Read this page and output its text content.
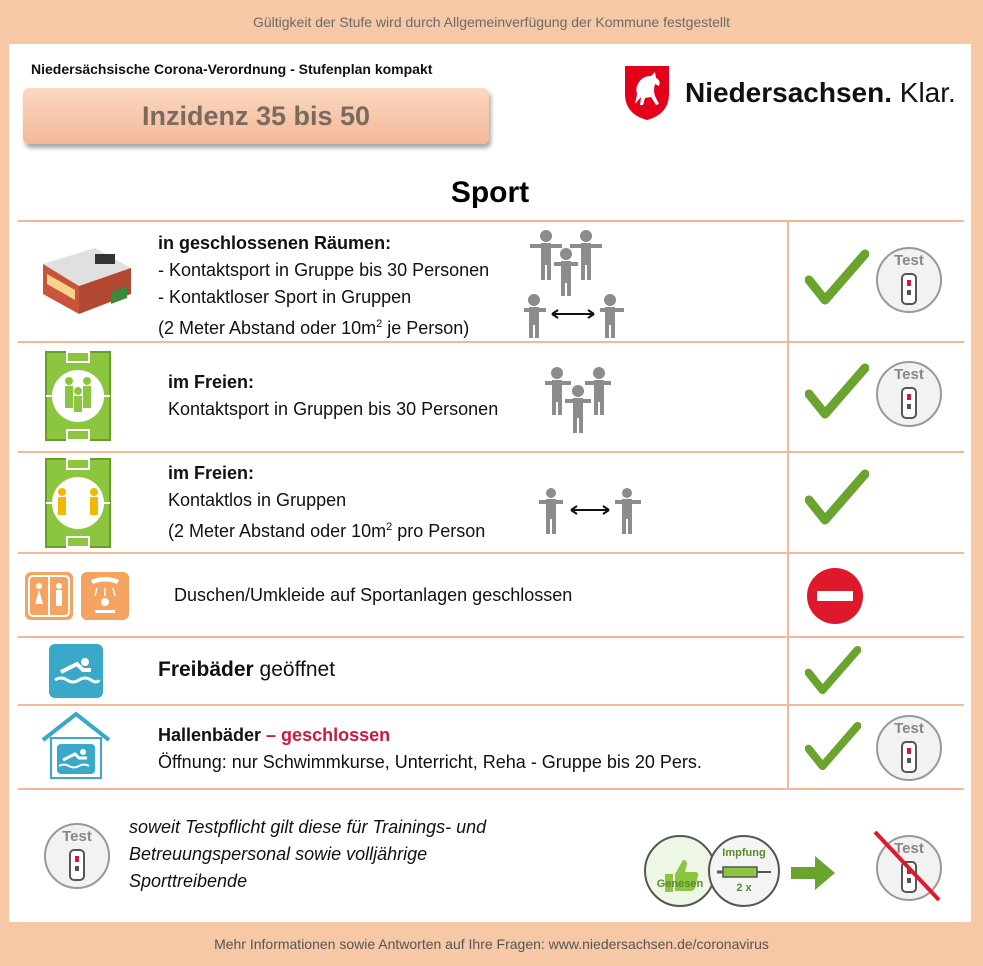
Gültigkeit der Stufe wird durch Allgemeinverfügung der Kommune festgestellt
Niedersächsische Corona-Verordnung - Stufenplan kompakt
Inzidenz 35 bis 50
Niedersachsen. Klar.
Sport
in geschlossenen Räumen:
- Kontaktsport in Gruppe bis 30 Personen
- Kontaktloser Sport in Gruppen
(2 Meter Abstand oder $10m^2$ je Person)
Test
im Freien:
Kontaktsport in Gruppen bis 30 Personen
Test
im Freien:
Kontaktlos in Gruppen
(2 Meter Abstand oder $10m^2$ pro Person
Duschen/Umkleide auf Sportanlagen geschlossen
Freibäder geöffnet
Hallenbäder – geschlossen
Öffnung: nur Schwimmkurse, Unterricht, Reha - Gruppe bis 20 Pers.
Test
Test	soweit Testpflicht gilt diese für Trainings- und
Betreuungspersonal sowie volljährige
Sporttreibende	Genesen
Impfung
2 x
Test
Mehr Informationen sowie Antworten auf Ihre Fragen: www.niedersachsen.de/coronavirus
